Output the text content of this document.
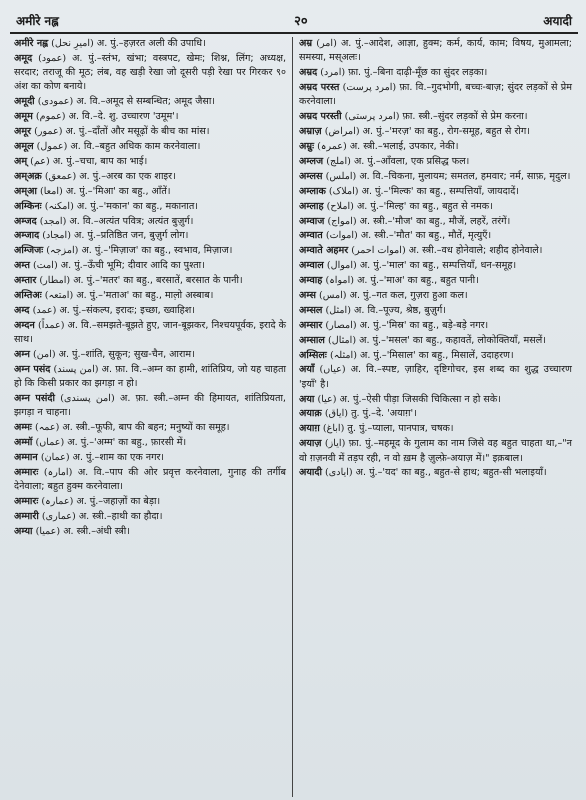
अमीरे नह्ल	२०	अयादी

अमीरे नह्ल (امیرِ نحل) अ. पुं.–हज़रत अली की उपाधि।

अमूद (عمود) अ. पुं.–स्तंभ, खंभा; वस्त्रपट, खेमः; शिश्न, लिंग; अध्यक्ष, सरदार; तराजू की मूठ; लंब, वह खड़ी रेखा जो दूसरी पड़ी रेखा पर गिरकर ९० अंश का कोण बनाये।

अमूदी (عمودی) अ. वि.–अमूद से सम्बन्धित; अमूद जैसा।

अमूम (عموم) अ. वि.–दे. शु. उच्चारण 'उमूम'।

अमूर (عمور) अ. पुं.–दाँतों और मसूढ़ों के बीच का मांस।

अमूल (عمول) अ. वि.–बहुत अधिक काम करनेवाला।

अम् (عم) अ. पुं.–चचा, बाप का भाई।

अम्अक़ (عمعق) अ. पुं.–अरब का एक शाइर।

अम्आ (امعا) अ. पुं.–'मिआ' का बहु., आँतें।

अम्किनः (امکنہ) अ. पुं.–'मकान' का बहु., मकानात।

अम्जद (امجد) अ. वि.–अत्यंत पवित्र; अत्यंत बुज़ुर्ग।

अम्जाद (امجاد) अ. पुं.–प्रतिष्ठित जन, बुज़ुर्ग लोग।

अम्जिजः (امزجہ) अ. पुं.–'मिज़ाज' का बहु., स्वभाव, मिज़ाज।

अम्त (امت) अ. पुं.–ऊँची भूमि; दीवार आदि का पुश्ता।

अम्तार (امطار) अ. पुं.–'मतर' का बहु., बरसातें, बरसात के पानी।

अम्तिअः (امتعہ) अ. पुं.–'मताअ' का बहु., माल़ो अस्बाब।

अम्द (عمد) अ. पुं.–संकल्प, इरादः; इच्छा, ख्वाहिश।

अम्दन (عمداً) अ. वि.–समझते-बूझते हुए, जान-बूझकर, निश्चयपूर्वक, इरादे के साथ।

अम्न (امن) अ. पुं.–शांति, सुकून; सुख-चैन, आराम।

अम्न पसंद (امن پسند) अ. फ़ा. वि.–अम्न का हामी, शांतिप्रिय, जो यह चाहता हो कि किसी प्रकार का झगड़ा न हो।

अम्न पसंदी (امن پسندی) अ. फ़ा. स्त्री.–अम्न की हिमायत, शांतिप्रियता, झगड़ा न चाहना।

अम्मः (عمہ) अ. स्त्री.–फूफी, बाप की बहन; मनुष्यों का समूह।

अम्मॉ (عماں) अ. पुं.–'अम्म' का बहु., फ़ारसी में।

अम्मान (عمان) अ. पुं.–शाम का एक नगर।

अम्मारः (امارہ) अ. वि.–पाप की ओर प्रवृत्त करनेवाला, गुनाह की तर्गीब देनेवाला; बहुत हुक्म करनेवाला।

अम्मारः (عمارہ) अ. पुं.–जहाज़ों का बेड़ा।

अम्मारी (عماری) अ. स्त्री.–हाथी का हौदा।

अम्या (عمیا) अ. स्त्री.–अंधी स्त्री।

अम्र (امر) अ. पुं.–आदेश, आज्ञा, हुक्म; कर्म, कार्य, काम; विषय, मुआमला; समस्या, मस्अलः।

अम्रद (امرد) फ़ा. पुं.–बिना दाढ़ी-मूँछ का सुंदर लड़का।

अम्रद परस्त (امرد پرست) फ़ा. वि.–गुदभोगी, बच्चः-बाज़; सुंदर लड़कों से प्रेम करनेवाला।

अम्रद परस्ती (امرد پرستی) फ़ा. स्त्री.–सुंदर लड़कों से प्रेम करना।

अम्राज़ (امراض) अ. पुं.–'मरज़' का बहु., रोग-समूह, बहुत से रोग।

अम्रुः (عمرہ) अ. स्त्री.–भलाई, उपकार, नेकी।

अम्लज (املج) अ. पुं.–आँवला, एक प्रसिद्ध फल।

अम्लस (املس) अ. वि.–चिकना, मुलायम; समतल, हमवार; नर्म, साफ़, मृदुल।

अम्लाक (املاک) अ. पुं.–'मिल्क' का बहु., सम्पत्तियाँ, जायदादें।

अम्लाह (املاح) अ. पुं.–'मिल्ह' का बहु., बहुत से नमक।

अम्वाज (امواج) अ. स्त्री.–'मौज' का बहु., मौजें, लहरें, तरंगें।

अम्वात (اموات) अ. स्त्री.–'मौत' का बहु., मौतें, मृत्युएँ।

अम्वाते अहमर (اموات احمر) अ. स्त्री.–वध होनेवाले; शहीद होनेवाले।

अम्वाल (اموال) अ. पुं.–'माल' का बहु., सम्पत्तियाँ, धन-समूह।

अम्वाह (امواہ) अ. पुं.–'माअ' का बहु., बहुत पानी।

अम्स (امس) अ. पुं.–गत कल, गुज़रा हुआ कल।

अम्सल (امثل) अ. वि.–पूज्य, श्रेष्ठ, बुज़ुर्ग।

अम्सार (امصار) अ. पुं.–'मिस्र' का बहु., बड़े-बड़े नगर।

अम्साल (امثال) अ. पुं.–'मसल' का बहु., कहावतें, लोकोक्तियाँ, मसलें।

अम्सिलः (امثلہ) अ. पुं.–'मिसाल' का बहु., मिसालें, उदाहरण।

अयाँ (عیاں) अ. वि.–स्पष्ट, ज़ाहिर, दृष्टिगोचर, इस शब्द का शुद्ध उच्चारण 'इयाँ' है।

अया (عیا) अ. पुं.–ऐसी पीड़ा जिसकी चिकित्सा न हो सके।

अयाक़ (ایاق) तु. पुं.–दे. 'अयाग़'।

अयाग़ (اباغ) तु. पुं.–प्याला, पानपात्र, चषक।

अयाज़ (ایاز) फ़ा. पुं.–महमूद के गुलाम का नाम जिसे वह बहुत चाहता था,–"न वो ग़ज़नवी में तड़प रही, न वो ख़म है ज़ुल्फ़े-अयाज़ में।" इक़बाल।

अयादी (ایادی) अ. पुं.–'यद' का बहु., बहुत-से हाथ; बहुत-सी भलाइयाँ।
